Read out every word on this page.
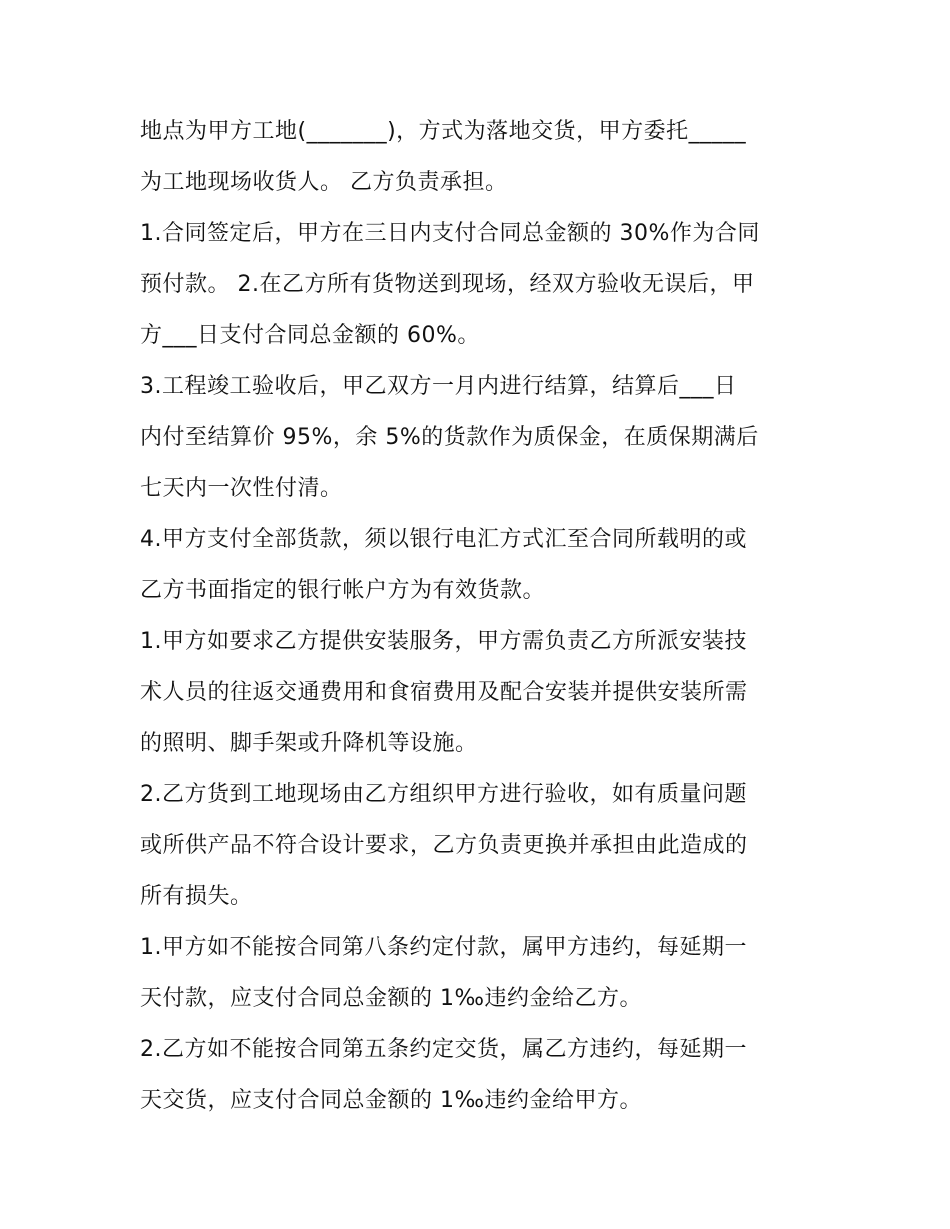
地点为甲方工地(_______)，方式为落地交货，甲方委托_____
为工地现场收货人。 乙方负责承担。
1.合同签定后，甲方在三日内支付合同总金额的 30%作为合同
预付款。 2.在乙方所有货物送到现场，经双方验收无误后，甲
方___日支付合同总金额的 60%。
3.工程竣工验收后，甲乙双方一月内进行结算，结算后___日
内付至结算价 95%，余 5%的货款作为质保金，在质保期满后
七天内一次性付清。
4.甲方支付全部货款，须以银行电汇方式汇至合同所载明的或
乙方书面指定的银行帐户方为有效货款。
1.甲方如要求乙方提供安装服务，甲方需负责乙方所派安装技
术人员的往返交通费用和食宿费用及配合安装并提供安装所需
的照明、脚手架或升降机等设施。
2.乙方货到工地现场由乙方组织甲方进行验收，如有质量问题
或所供产品不符合设计要求，乙方负责更换并承担由此造成的
所有损失。
1.甲方如不能按合同第八条约定付款，属甲方违约，每延期一
天付款，应支付合同总金额的 1‰违约金给乙方。
2.乙方如不能按合同第五条约定交货，属乙方违约，每延期一
天交货，应支付合同总金额的 1‰违约金给甲方。
